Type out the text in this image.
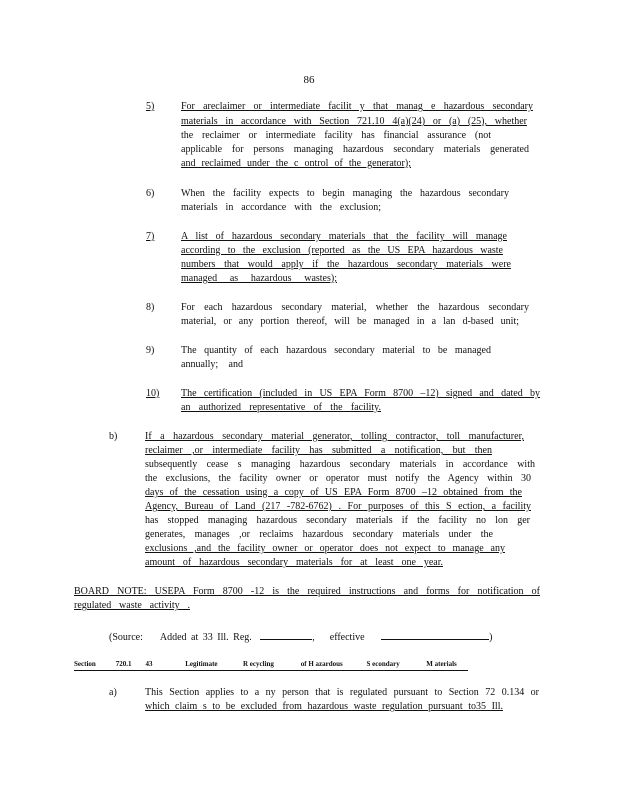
86
5)	For areclaimer or intermediate facilit y that manag e hazardous secondary
materials in accordance with Section 721.10 4(a)(24) or (a) (25), whether
the reclaimer or intermediate facility has financial assurance (not
applicable for persons managing hazardous secondary materials generated
and reclaimed under the c ontrol of the generator);
6)	When the facility expects to begin managing the hazardous secondary
materials in accordance with the exclusion;
7)	A list of hazardous secondary materials that the facility will manage
according to the exclusion (reported as the US EPA hazardous waste
numbers that would apply if the hazardous secondary materials were
managed as hazardous wastes);
8)	For each hazardous secondary material, whether the hazardous secondary
material, or any portion thereof, will be managed in a lan d-based unit;
9)	The quantity of each hazardous secondary material to be managed
annually; and
10) The certification (included in US EPA Form 8700 –12) signed and dated by
an authorized representative of the facility.
b)	If a hazardous secondary material generator, tolling contractor, toll manufacturer,
reclaimer ,or intermediate facility has submitted a notification, but then
subsequently cease s managing hazardous secondary materials in accordance with
the exclusions, the facility owner or operator must notify the Agency within 30
days of the cessation using a copy of US EPA Form 8700 –12 obtained from the
Agency, Bureau of Land (217 -782-6762) . For purposes of this S ection, a facility
has stopped managing hazardous secondary materials if the facility no lon ger
generates, manages ,or reclaims hazardous secondary materials under the
exclusions ,and the facility owner or operator does not expect to manage any
amount of hazardous secondary materials for at least one year.
BOARD NOTE: USEPA Form 8700 -12 is the required instructions and forms for notification of
regulated waste activity .
(Source: Added at 33 Ill. Reg.	, effective	)
Section	720.1 43	Legitimate	R ecycling	of H azardous	S econdary	M aterials
a)	This Section applies to a ny person that is regulated pursuant to Section 72 0.134 or
which claim s to be excluded from hazardous waste regulation pursuant to35 Ill.
